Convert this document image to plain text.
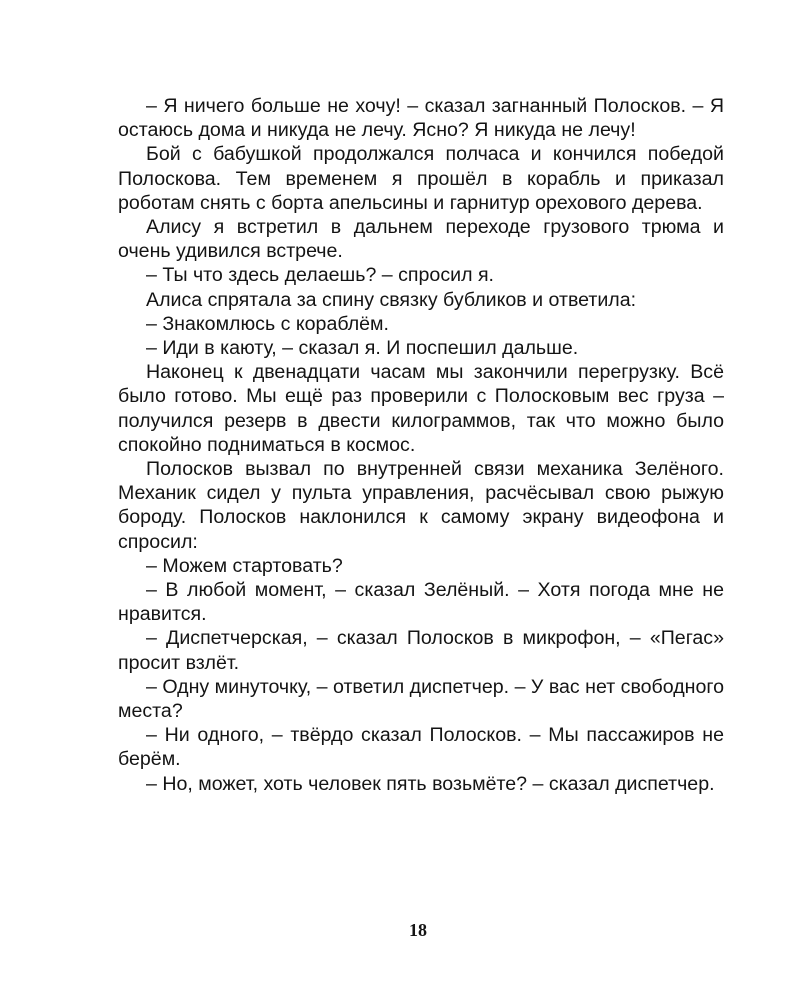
– Я ничего больше не хочу! – сказал загнанный Полосков. – Я остаюсь дома и никуда не лечу. Ясно? Я никуда не лечу!

Бой с бабушкой продолжался полчаса и кончился победой Полоскова. Тем временем я прошёл в корабль и приказал роботам снять с борта апельсины и гарнитур орехового дерева.

Алису я встретил в дальнем переходе грузового трюма и очень удивился встрече.

– Ты что здесь делаешь? – спросил я.

Алиса спрятала за спину связку бубликов и ответила:

– Знакомлюсь с кораблём.

– Иди в каюту, – сказал я. И поспешил дальше.

Наконец к двенадцати часам мы закончили перегрузку. Всё было готово. Мы ещё раз проверили с Полосковым вес груза – получился резерв в двести килограммов, так что можно было спокойно подниматься в космос.

Полосков вызвал по внутренней связи механика Зелёного. Механик сидел у пульта управления, расчёсывал свою рыжую бороду. Полосков наклонился к самому экрану видеофона и спросил:

– Можем стартовать?

– В любой момент, – сказал Зелёный. – Хотя погода мне не нравится.

– Диспетчерская, – сказал Полосков в микрофон, – «Пегас» просит взлёт.

– Одну минуточку, – ответил диспетчер. – У вас нет свободного места?

– Ни одного, – твёрдо сказал Полосков. – Мы пассажиров не берём.

– Но, может, хоть человек пять возьмёте? – сказал диспетчер.

18
